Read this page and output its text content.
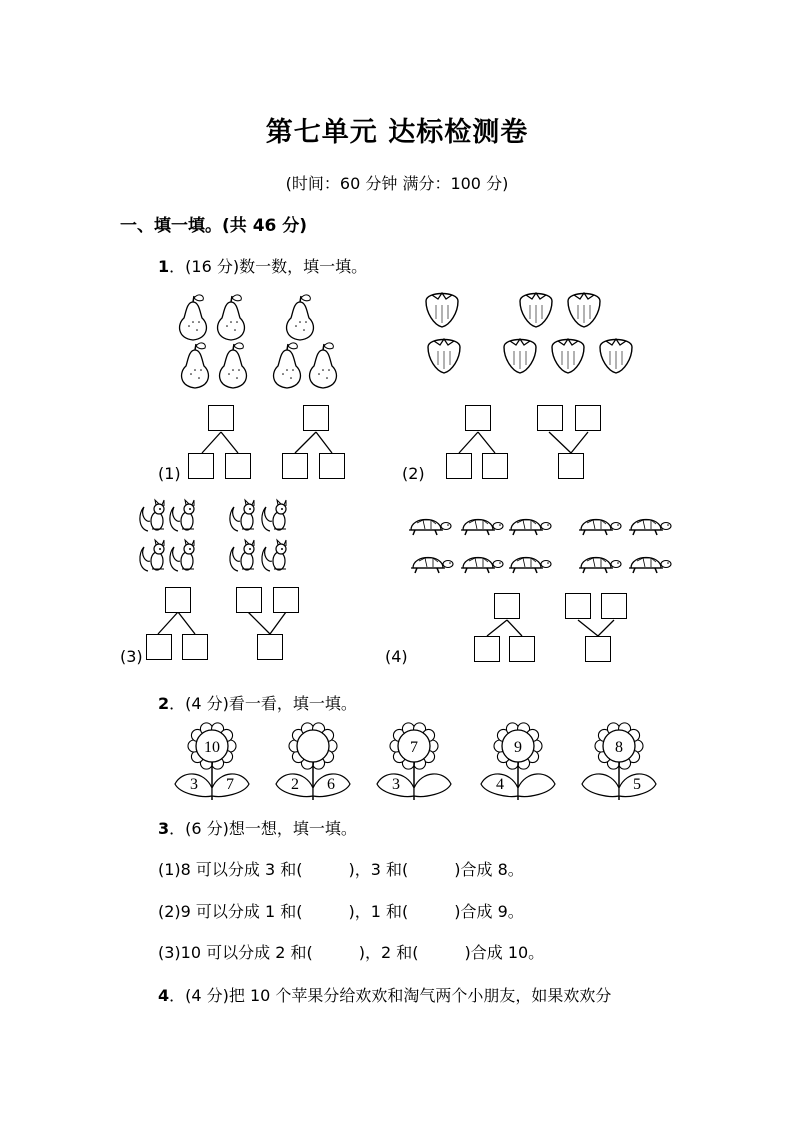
第七单元 达标检测卷
(时间：60 分钟 满分：100 分)
一、填一填。(共 46 分)
1．(16 分)数一数，填一填。
(1)	(2)
(3)	(4)
2．(4 分)看一看，填一填。
3．(6 分)想一想，填一填。
(1)8 可以分成 3 和(	)，3 和(	)合成 8。
(2)9 可以分成 1 和(	)，1 和(	)合成 9。
(3)10 可以分成 2 和(	)，2 和(	)合成 10。
4．(4 分)把 10 个苹果分给欢欢和淘气两个小朋友，如果欢欢分
10
3 7	2 6
7
3
9
4
8
5
